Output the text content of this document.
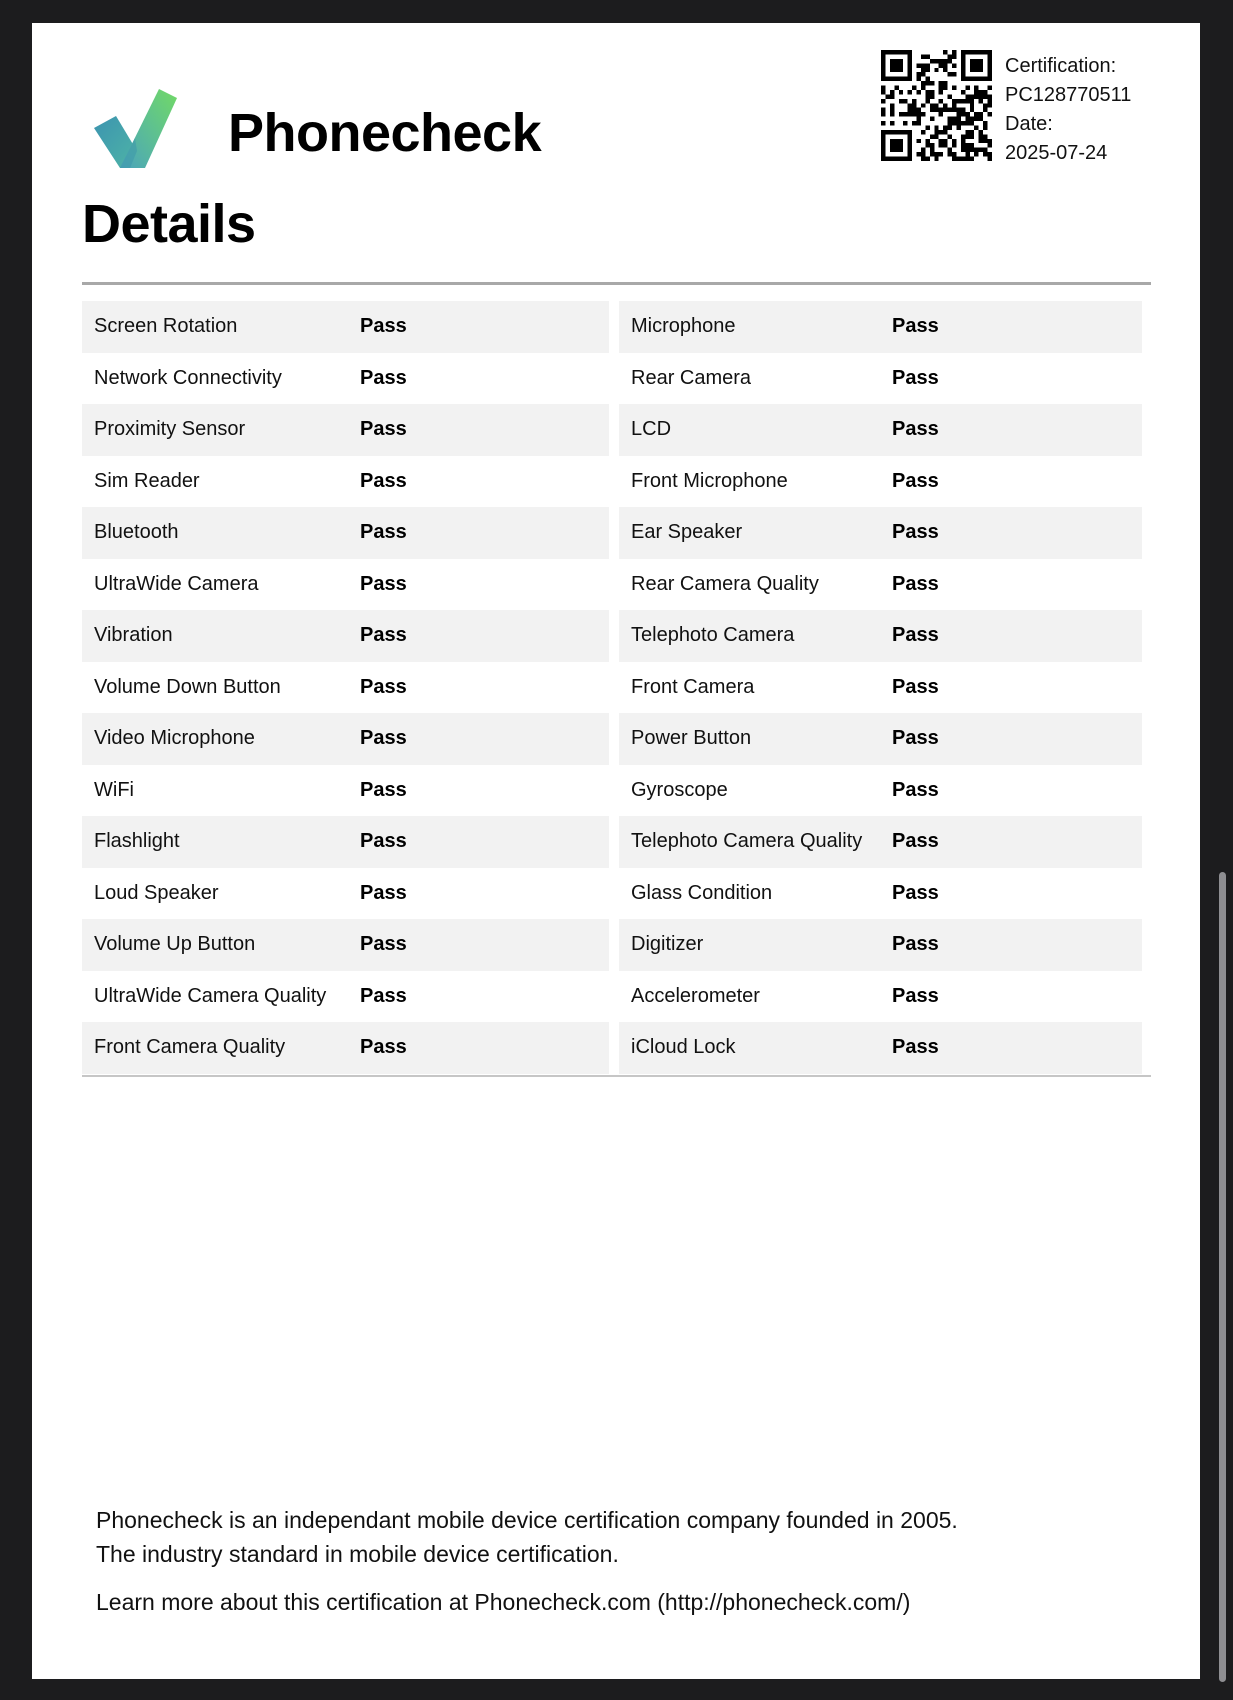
Phonecheck
Certification:
PC128770511
Date:
2025-07-24
Details
Screen Rotation	Pass
Network Connectivity	Pass
Proximity Sensor	Pass
Sim Reader	Pass
Bluetooth	Pass
UltraWide Camera	Pass
Vibration	Pass
Volume Down Button	Pass
Video Microphone	Pass
WiFi	Pass
Flashlight	Pass
Loud Speaker	Pass
Volume Up Button	Pass
UltraWide Camera Quality Pass
Front Camera Quality	Pass
Microphone	Pass
Rear Camera	Pass
LCD	Pass
Front Microphone	Pass
Ear Speaker	Pass
Rear Camera Quality	Pass
Telephoto Camera	Pass
Front Camera	Pass
Power Button	Pass
Gyroscope	Pass
Telephoto Camera Quality Pass
Glass Condition	Pass
Digitizer	Pass
Accelerometer	Pass
iCloud Lock	Pass
Phonecheck is an independant mobile device certification company founded in 2005.
The industry standard in mobile device certification.
Learn more about this certification at Phonecheck.com (http://phonecheck.com/)
